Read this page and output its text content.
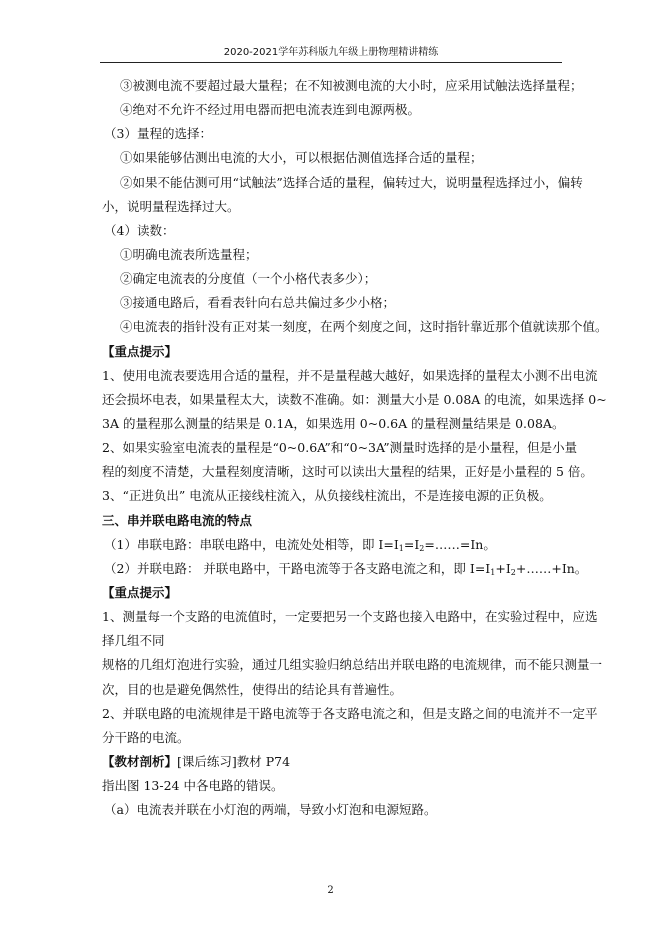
2020-2021学年苏科版九年级上册物理精讲精练
③被测电流不要超过最大量程；在不知被测电流的大小时，应采用试触法选择量程；
④绝对不允许不经过用电器而把电流表连到电源两极。
（3）量程的选择：
①如果能够估测出电流的大小，可以根据估测值选择合适的量程；
②如果不能估测可用“试触法”选择合适的量程，偏转过大，说明量程选择过小，偏转
小，说明量程选择过大。
（4）读数：
①明确电流表所选量程；
②确定电流表的分度值（一个小格代表多少）；
③接通电路后，看看表针向右总共偏过多少小格；
④电流表的指针没有正对某一刻度，在两个刻度之间，这时指针靠近那个值就读那个值。
【重点提示】
1、使用电流表要选用合适的量程，并不是量程越大越好，如果选择的量程太小测不出电流
还会损坏电表，如果量程太大，读数不准确。如：测量大小是 0.08A 的电流，如果选择 0~
3A 的量程那么测量的结果是 0.1A，如果选用 0~0.6A 的量程测量结果是 0.08A。
2、如果实验室电流表的量程是“0~0.6A”和“0~3A”测量时选择的是小量程，但是小量
程的刻度不清楚，大量程刻度清晰，这时可以读出大量程的结果，正好是小量程的 5 倍。
3、“正进负出” 电流从正接线柱流入，从负接线柱流出，不是连接电源的正负极。
三、串并联电路电流的特点
（1）串联电路：串联电路中，电流处处相等，即 $I=I_1=I_2=\dots\dots=In$。
（2）并联电路： 并联电路中，干路电流等于各支路电流之和，即 $I=I_1+I_2+\dots\dots+In$。
【重点提示】
1、测量每一个支路的电流值时，一定要把另一个支路也接入电路中，在实验过程中，应选
择几组不同
规格的几组灯泡进行实验，通过几组实验归纳总结出并联电路的电流规律，而不能只测量一
次，目的也是避免偶然性，使得出的结论具有普遍性。
2、并联电路的电流规律是干路电流等于各支路电流之和，但是支路之间的电流并不一定平
分干路的电流。
【教材剖析】[课后练习]教材 P74
指出图 13-24 中各电路的错误。
（a）电流表并联在小灯泡的两端，导致小灯泡和电源短路。
2
